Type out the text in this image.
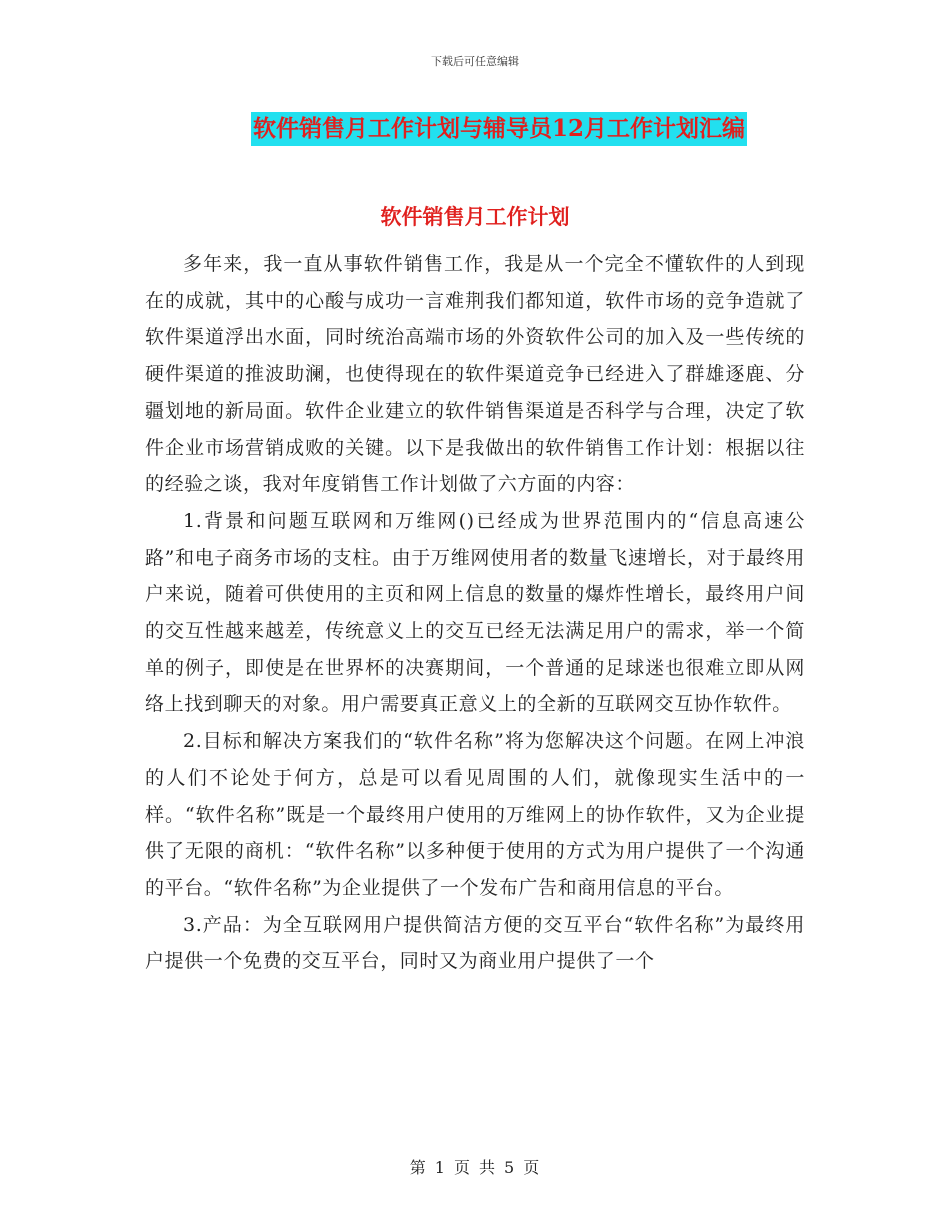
下载后可任意编辑
软件销售月工作计划与辅导员12月工作计划汇编
软件销售月工作计划

多年来，我一直从事软件销售工作，我是从一个完全不懂软件的人到现在的成就，其中的心酸与成功一言难荆我们都知道，软件市场的竞争造就了软件渠道浮出水面，同时统治高端市场的外资软件公司的加入及一些传统的硬件渠道的推波助澜，也使得现在的软件渠道竞争已经进入了群雄逐鹿、分疆划地的新局面。软件企业建立的软件销售渠道是否科学与合理，决定了软件企业市场营销成败的关键。以下是我做出的软件销售工作计划：根据以往的经验之谈，我对年度销售工作计划做了六方面的内容：

1.背景和问题互联网和万维网()已经成为世界范围内的“信息高速公路”和电子商务市场的支柱。由于万维网使用者的数量飞速增长，对于最终用户来说，随着可供使用的主页和网上信息的数量的爆炸性增长，最终用户间的交互性越来越差，传统意义上的交互已经无法满足用户的需求，举一个简单的例子，即使是在世界杯的决赛期间，一个普通的足球迷也很难立即从网络上找到聊天的对象。用户需要真正意义上的全新的互联网交互协作软件。

2.目标和解决方案我们的“软件名称”将为您解决这个问题。在网上冲浪的人们不论处于何方，总是可以看见周围的人们，就像现实生活中的一样。“软件名称”既是一个最终用户使用的万维网上的协作软件，又为企业提供了无限的商机：“软件名称”以多种便于使用的方式为用户提供了一个沟通的平台。“软件名称”为企业提供了一个发布广告和商用信息的平台。

3.产品：为全互联网用户提供简洁方便的交互平台“软件名称”为最终用户提供一个免费的交互平台，同时又为商业用户提供了一个

第 1 页 共 5 页
